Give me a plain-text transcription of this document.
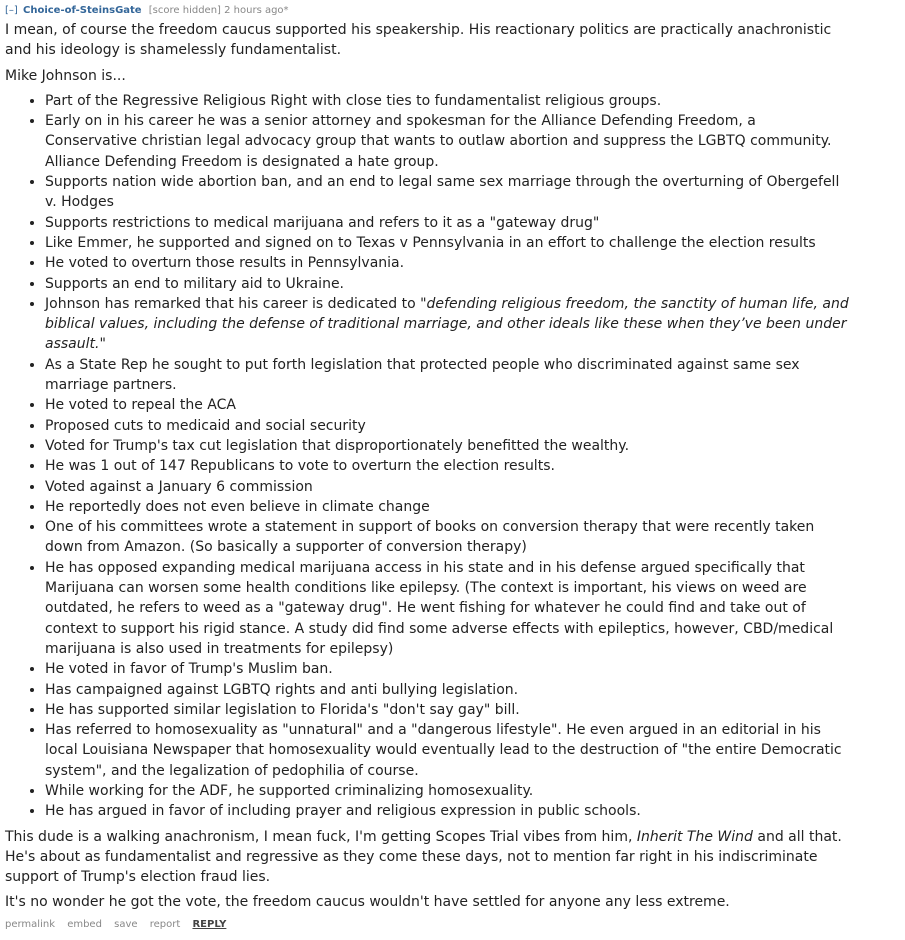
[–] Choice-of-SteinsGate [score hidden] 2 hours ago*

I mean, of course the freedom caucus supported his speakership. His reactionary politics are practically anachronistic and his ideology is shamelessly fundamentalist.

Mike Johnson is...

• Part of the Regressive Religious Right with close ties to fundamentalist religious groups.
• Early on in his career he was a senior attorney and spokesman for the Alliance Defending Freedom, a Conservative christian legal advocacy group that wants to outlaw abortion and suppress the LGBTQ community. Alliance Defending Freedom is designated a hate group.
• Supports nation wide abortion ban, and an end to legal same sex marriage through the overturning of Obergefell v. Hodges
• Supports restrictions to medical marijuana and refers to it as a "gateway drug"
• Like Emmer, he supported and signed on to Texas v Pennsylvania in an effort to challenge the election results
• He voted to overturn those results in Pennsylvania.
• Supports an end to military aid to Ukraine.
• Johnson has remarked that his career is dedicated to "defending religious freedom, the sanctity of human life, and biblical values, including the defense of traditional marriage, and other ideals like these when they’ve been under assault."
• As a State Rep he sought to put forth legislation that protected people who discriminated against same sex marriage partners.
• He voted to repeal the ACA
• Proposed cuts to medicaid and social security
• Voted for Trump's tax cut legislation that disproportionately benefitted the wealthy.
• He was 1 out of 147 Republicans to vote to overturn the election results.
• Voted against a January 6 commission
• He reportedly does not even believe in climate change
• One of his committees wrote a statement in support of books on conversion therapy that were recently taken down from Amazon. (So basically a supporter of conversion therapy)
• He has opposed expanding medical marijuana access in his state and in his defense argued specifically that Marijuana can worsen some health conditions like epilepsy. (The context is important, his views on weed are outdated, he refers to weed as a "gateway drug". He went fishing for whatever he could find and take out of context to support his rigid stance. A study did find some adverse effects with epileptics, however, CBD/medical marijuana is also used in treatments for epilepsy)
• He voted in favor of Trump's Muslim ban.
• Has campaigned against LGBTQ rights and anti bullying legislation.
• He has supported similar legislation to Florida's "don't say gay" bill.
• Has referred to homosexuality as "unnatural" and a "dangerous lifestyle". He even argued in an editorial in his local Louisiana Newspaper that homosexuality would eventually lead to the destruction of "the entire Democratic system", and the legalization of pedophilia of course.
• While working for the ADF, he supported criminalizing homosexuality.
• He has argued in favor of including prayer and religious expression in public schools.

This dude is a walking anachronism, I mean fuck, I'm getting Scopes Trial vibes from him, Inherit The Wind and all that. He's about as fundamentalist and regressive as they come these days, not to mention far right in his indiscriminate support of Trump's election fraud lies.

It's no wonder he got the vote, the freedom caucus wouldn't have settled for anyone any less extreme.

permalink embed save report REPLY
